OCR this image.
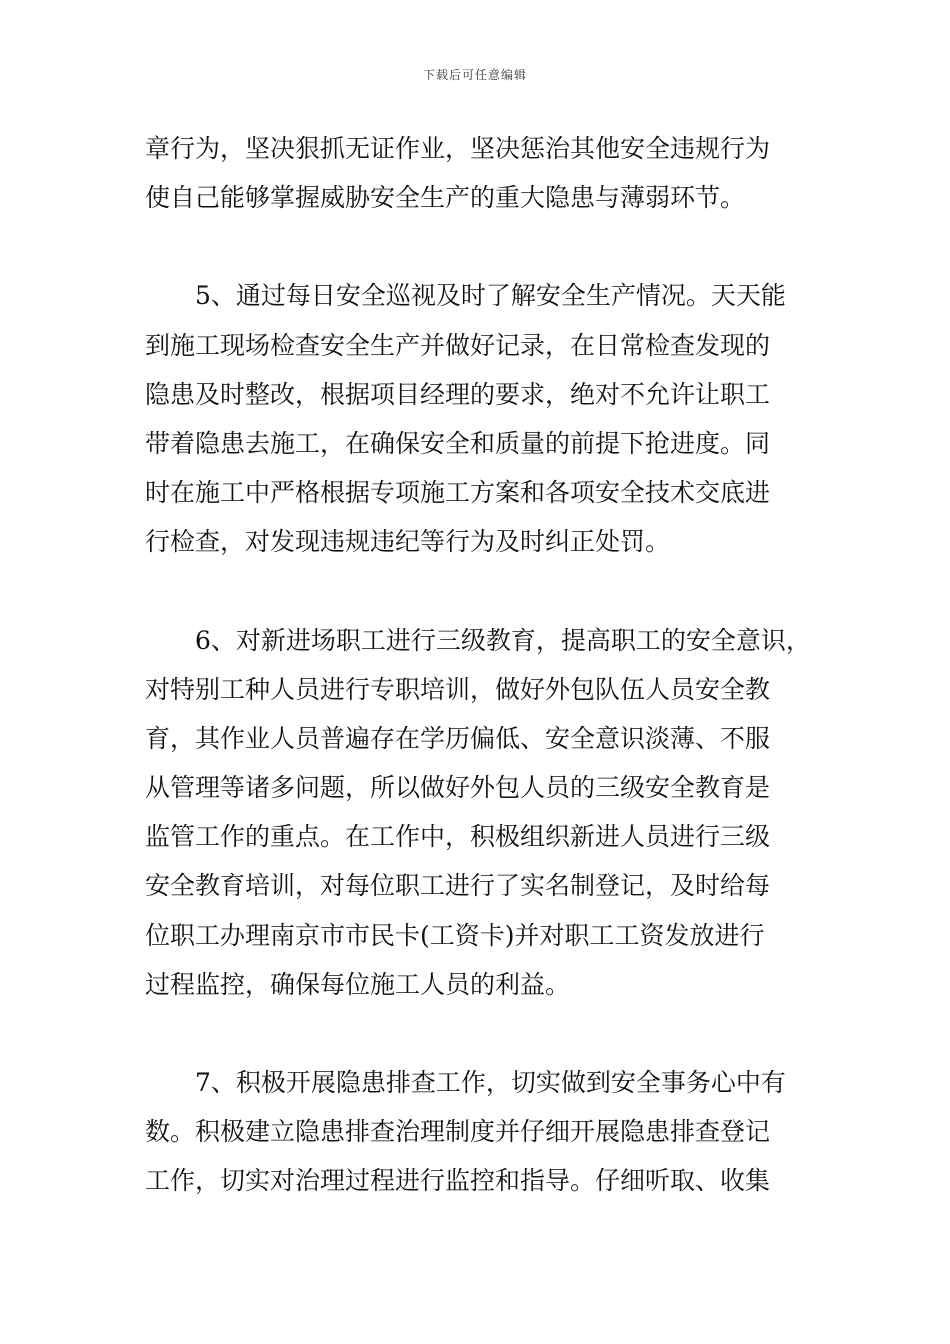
下载后可任意编辑
章行为，坚决狠抓无证作业，坚决惩治其他安全违规行为
使自己能够掌握威胁安全生产的重大隐患与薄弱环节。
　　5、通过每日安全巡视及时了解安全生产情况。天天能
到施工现场检查安全生产并做好记录，在日常检查发现的
隐患及时整改，根据项目经理的要求，绝对不允许让职工
带着隐患去施工，在确保安全和质量的前提下抢进度。同
时在施工中严格根据专项施工方案和各项安全技术交底进
行检查，对发现违规违纪等行为及时纠正处罚。
　　6、对新进场职工进行三级教育，提高职工的安全意识，
对特别工种人员进行专职培训，做好外包队伍人员安全教
育，其作业人员普遍存在学历偏低、安全意识淡薄、不服
从管理等诸多问题，所以做好外包人员的三级安全教育是
监管工作的重点。在工作中，积极组织新进人员进行三级
安全教育培训，对每位职工进行了实名制登记，及时给每
位职工办理南京市市民卡(工资卡)并对职工工资发放进行
过程监控，确保每位施工人员的利益。
　　7、积极开展隐患排查工作，切实做到安全事务心中有
数。积极建立隐患排查治理制度并仔细开展隐患排查登记
工作，切实对治理过程进行监控和指导。仔细听取、收集
